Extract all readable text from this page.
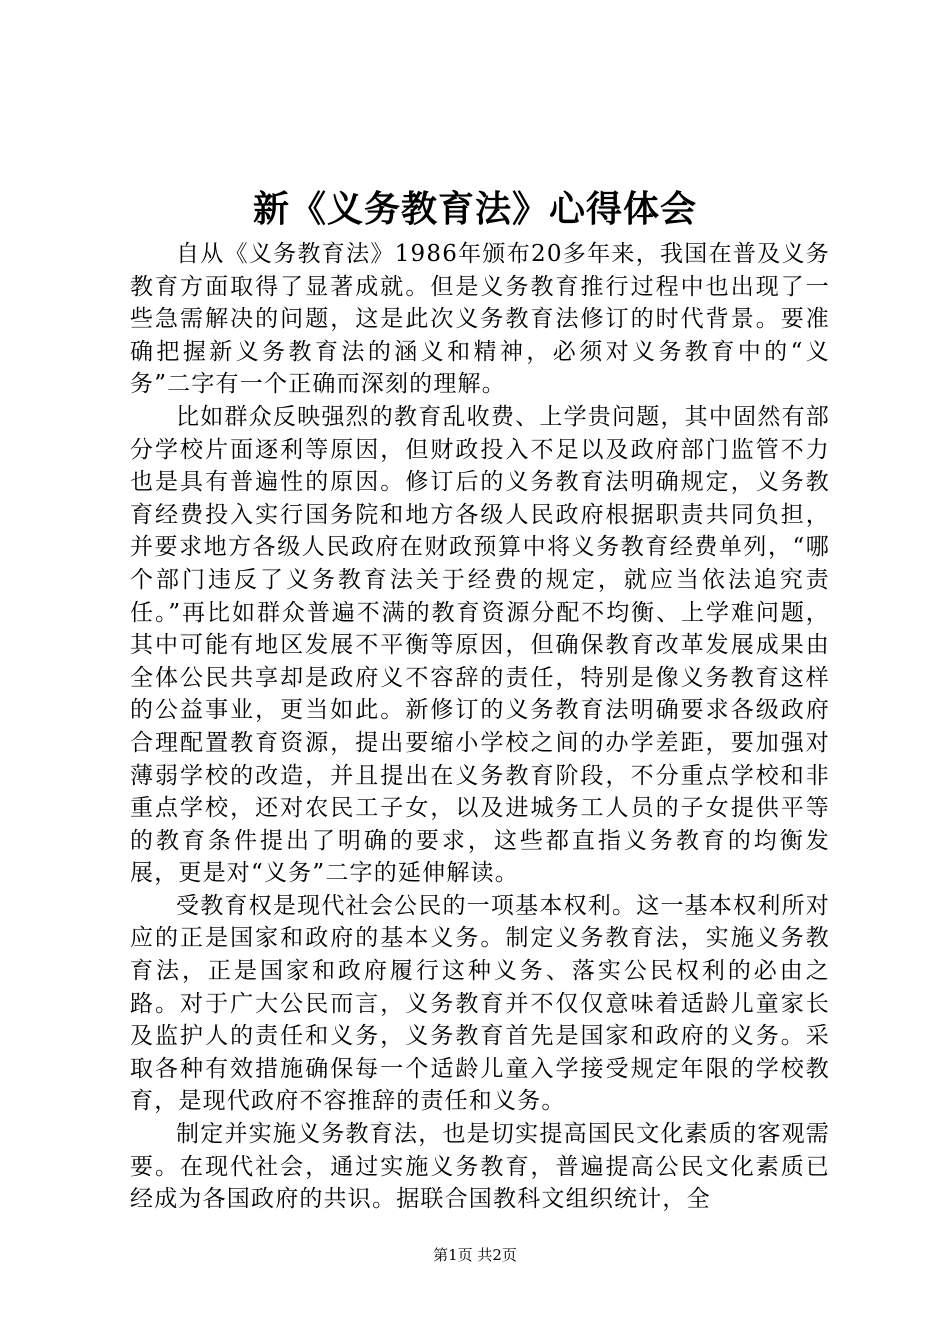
新《义务教育法》心得体会

自从《义务教育法》1986年颁布20多年来，我国在普及义务教育方面取得了显著成就。但是义务教育推行过程中也出现了一些急需解决的问题，这是此次义务教育法修订的时代背景。要准确把握新义务教育法的涵义和精神，必须对义务教育中的“义务”二字有一个正确而深刻的理解。

比如群众反映强烈的教育乱收费、上学贵问题，其中固然有部分学校片面逐利等原因，但财政投入不足以及政府部门监管不力也是具有普遍性的原因。修订后的义务教育法明确规定，义务教育经费投入实行国务院和地方各级人民政府根据职责共同负担，并要求地方各级人民政府在财政预算中将义务教育经费单列，“哪个部门违反了义务教育法关于经费的规定，就应当依法追究责任。”再比如群众普遍不满的教育资源分配不均衡、上学难问题，其中可能有地区发展不平衡等原因，但确保教育改革发展成果由全体公民共享却是政府义不容辞的责任，特别是像义务教育这样的公益事业，更当如此。新修订的义务教育法明确要求各级政府合理配置教育资源，提出要缩小学校之间的办学差距，要加强对薄弱学校的改造，并且提出在义务教育阶段，不分重点学校和非重点学校，还对农民工子女，以及进城务工人员的子女提供平等的教育条件提出了明确的要求，这些都直指义务教育的均衡发展，更是对“义务”二字的延伸解读。

受教育权是现代社会公民的一项基本权利。这一基本权利所对应的正是国家和政府的基本义务。制定义务教育法，实施义务教育法，正是国家和政府履行这种义务、落实公民权利的必由之路。对于广大公民而言，义务教育并不仅仅意味着适龄儿童家长及监护人的责任和义务，义务教育首先是国家和政府的义务。采取各种有效措施确保每一个适龄儿童入学接受规定年限的学校教育，是现代政府不容推辞的责任和义务。

制定并实施义务教育法，也是切实提高国民文化素质的客观需要。在现代社会，通过实施义务教育，普遍提高公民文化素质已经成为各国政府的共识。据联合国教科文组织统计，全

第1页 共2页
